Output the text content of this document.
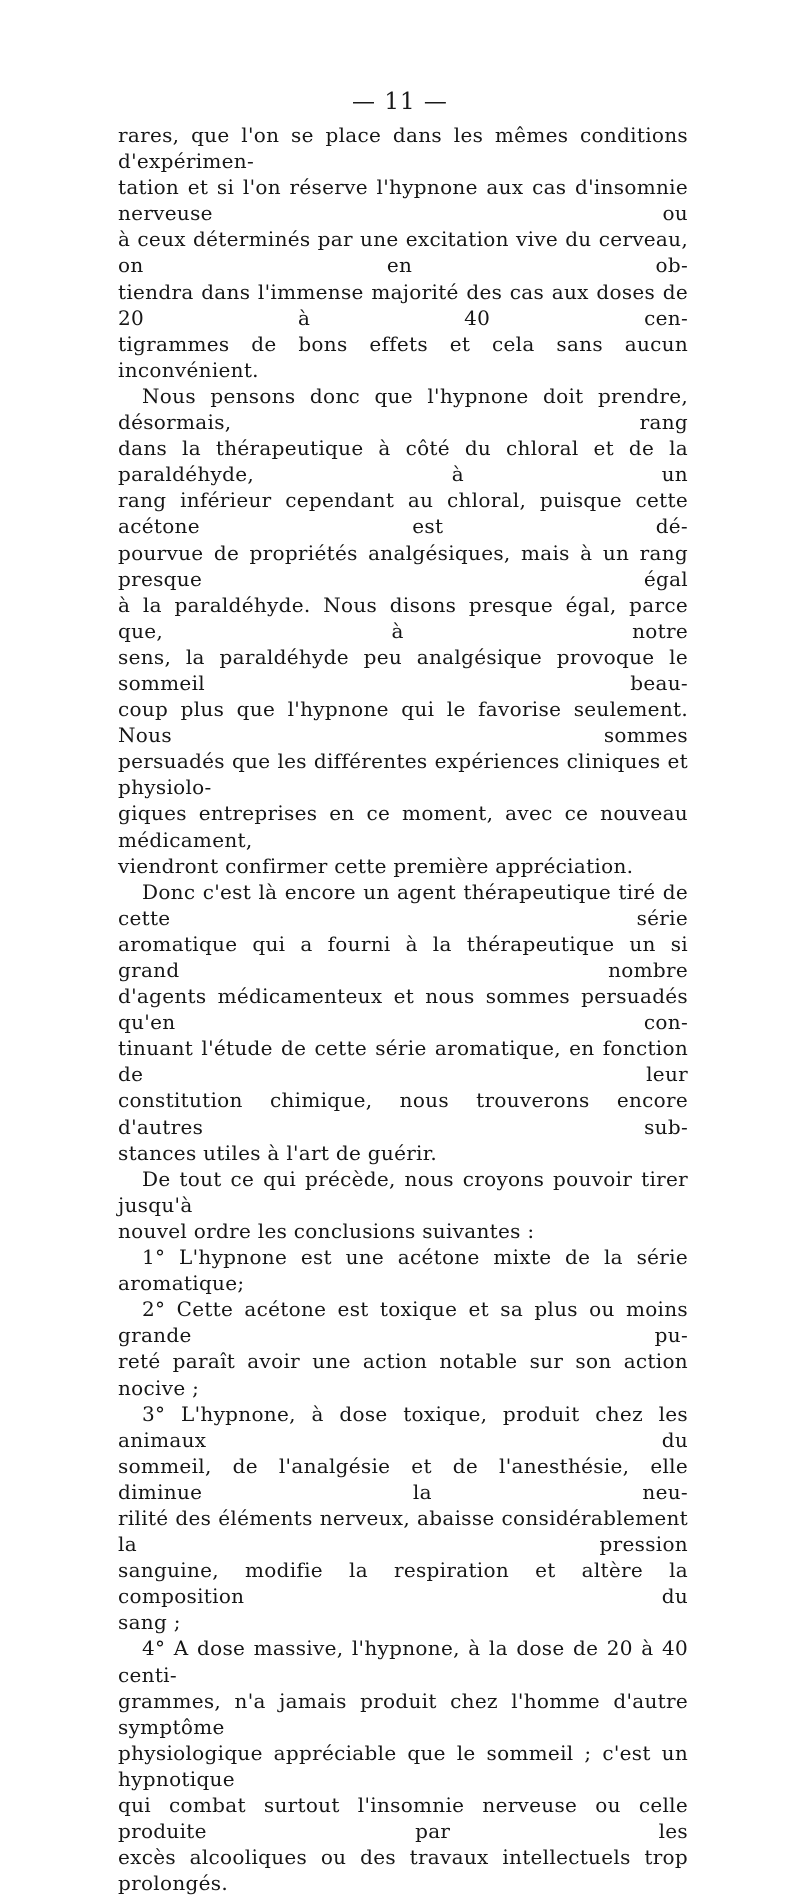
— 11 —

rares, que l'on se place dans les mêmes conditions d'expérimen-

tation et si l'on réserve l'hypnone aux cas d'insomnie nerveuse ou

à ceux déterminés par une excitation vive du cerveau, on en ob-

tiendra dans l'immense majorité des cas aux doses de 20 à 40 cen-

tigrammes de bons effets et cela sans aucun inconvénient.

Nous pensons donc que l'hypnone doit prendre, désormais, rang

dans la thérapeutique à côté du chloral et de la paraldéhyde, à un

rang inférieur cependant au chloral, puisque cette acétone est dé-

pourvue de propriétés analgésiques, mais à un rang presque égal

à la paraldéhyde. Nous disons presque égal, parce que, à notre

sens, la paraldéhyde peu analgésique provoque le sommeil beau-

coup plus que l'hypnone qui le favorise seulement. Nous sommes

persuadés que les différentes expériences cliniques et physiolo-

giques entreprises en ce moment, avec ce nouveau médicament,

viendront confirmer cette première appréciation.

Donc c'est là encore un agent thérapeutique tiré de cette série

aromatique qui a fourni à la thérapeutique un si grand nombre

d'agents médicamenteux et nous sommes persuadés qu'en con-

tinuant l'étude de cette série aromatique, en fonction de leur

constitution chimique, nous trouverons encore d'autres sub-

stances utiles à l'art de guérir.

De tout ce qui précède, nous croyons pouvoir tirer jusqu'à

nouvel ordre les conclusions suivantes :

1° L'hypnone est une acétone mixte de la série aromatique;

2° Cette acétone est toxique et sa plus ou moins grande pu-

reté paraît avoir une action notable sur son action nocive ;

3° L'hypnone, à dose toxique, produit chez les animaux du

sommeil, de l'analgésie et de l'anesthésie, elle diminue la neu-

rilité des éléments nerveux, abaisse considérablement la pression

sanguine, modifie la respiration et altère la composition du

sang ;

4° A dose massive, l'hypnone, à la dose de 20 à 40 centi-

grammes, n'a jamais produit chez l'homme d'autre symptôme

physiologique appréciable que le sommeil ; c'est un hypnotique

qui combat surtout l'insomnie nerveuse ou celle produite par les

excès alcooliques ou des travaux intellectuels trop prolongés.
